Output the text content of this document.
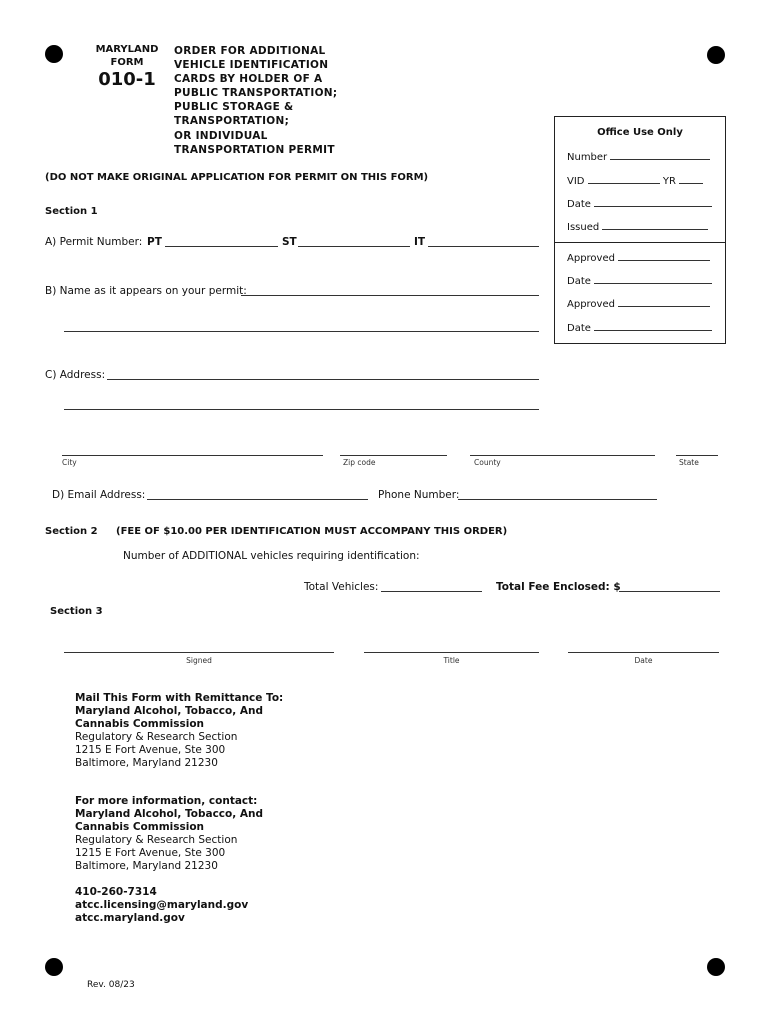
MARYLAND
FORM
010-1
ORDER FOR ADDITIONAL
VEHICLE IDENTIFICATION
CARDS BY HOLDER OF A
PUBLIC TRANSPORTATION;
PUBLIC STORAGE &
TRANSPORTATION;
OR INDIVIDUAL
TRANSPORTATION PERMIT
Office Use Only
Number
VID	YR
Date
Issued
Approved
Date
Approved
Date
(DO NOT MAKE ORIGINAL APPLICATION FOR PERMIT ON THIS FORM)
Section 1
A) Permit Number: PT	ST	IT
B) Name as it appears on your permit:
C) Address:
City	Zip code	County	State
D) Email Address:	Phone Number:
Section 2 (FEE OF $10.00 PER IDENTIFICATION MUST ACCOMPANY THIS ORDER)
Number of ADDITIONAL vehicles requiring identification:
Total Vehicles:	Total Fee Enclosed: $
Section 3
Signed	Title	Date
Mail This Form with Remittance To:
Maryland Alcohol, Tobacco, And
Cannabis Commission
Regulatory & Research Section
1215 E Fort Avenue, Ste 300
Baltimore, Maryland 21230
For more information, contact:
Maryland Alcohol, Tobacco, And
Cannabis Commission
Regulatory & Research Section
1215 E Fort Avenue, Ste 300
Baltimore, Maryland 21230
410-260-7314
atcc.licensing@maryland.gov
atcc.maryland.gov
Rev. 08/23
